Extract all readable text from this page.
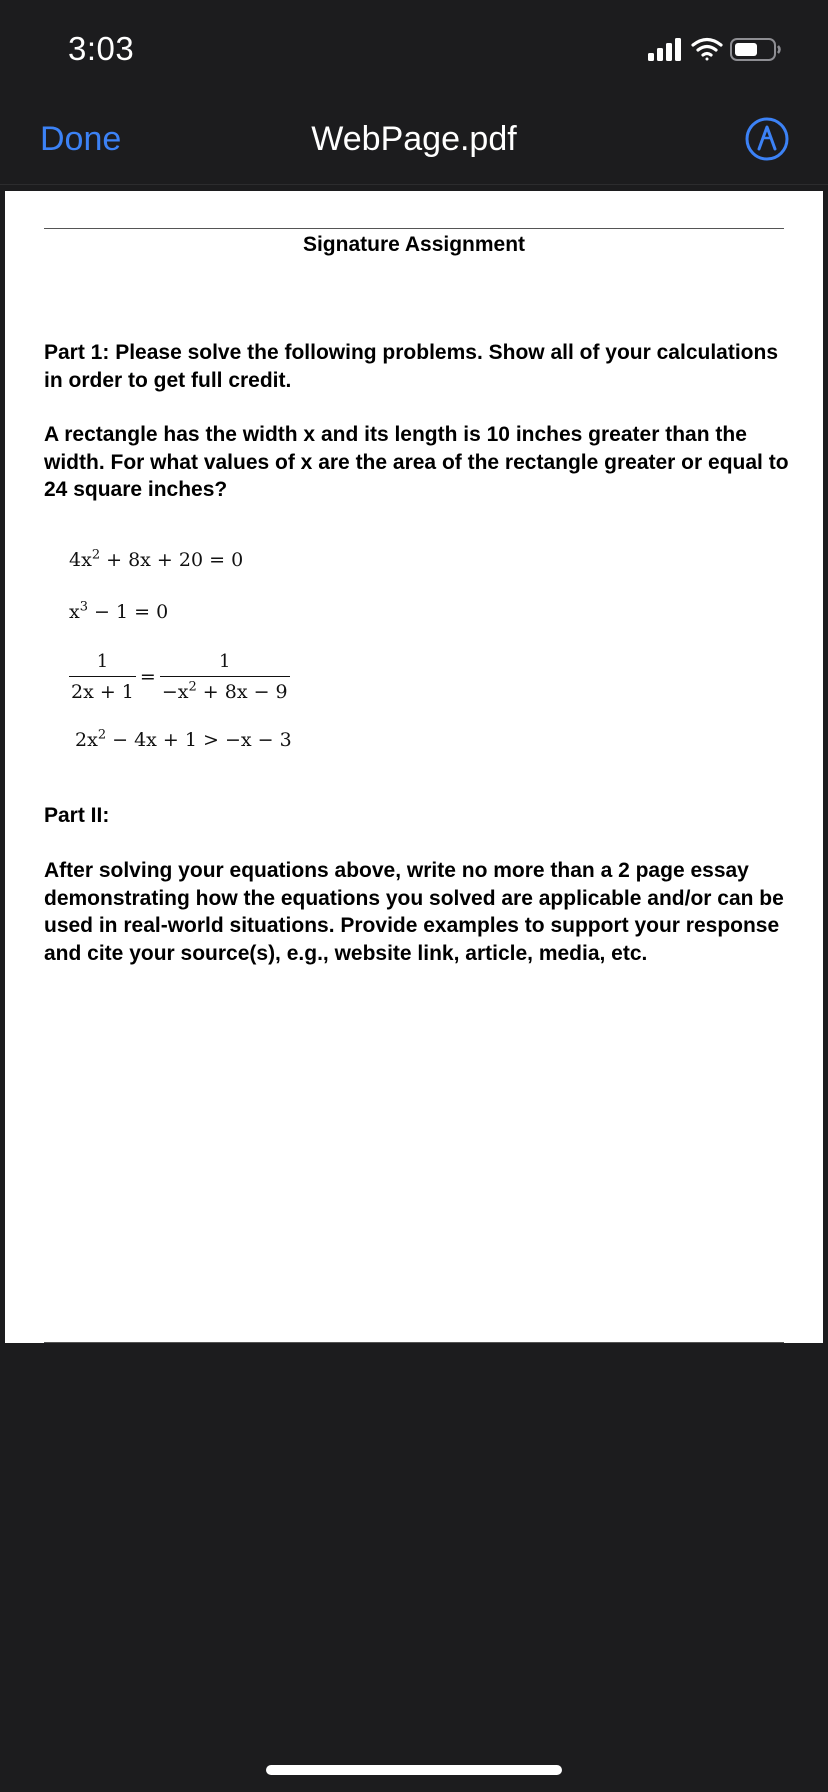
3:03
Done	WebPage.pdf
Signature Assignment
Part 1: Please solve the following problems. Show all of your calculations in order to get full credit.
A rectangle has the width x and its length is 10 inches greater than the width. For what values of x are the area of the rectangle greater or equal to 24 square inches?
$4x^2 + 8x + 20 = 0$
$x^3 - 1 = 0$
$\frac{1}{2x + 1} = \frac{1}{-x^2 + 8x - 9}$
$2x^2 - 4x + 1 > -x - 3$
Part II:
After solving your equations above, write no more than a 2 page essay demonstrating how the equations you solved are applicable and/or can be used in real-world situations. Provide examples to support your response and cite your source(s), e.g., website link, article, media, etc.
